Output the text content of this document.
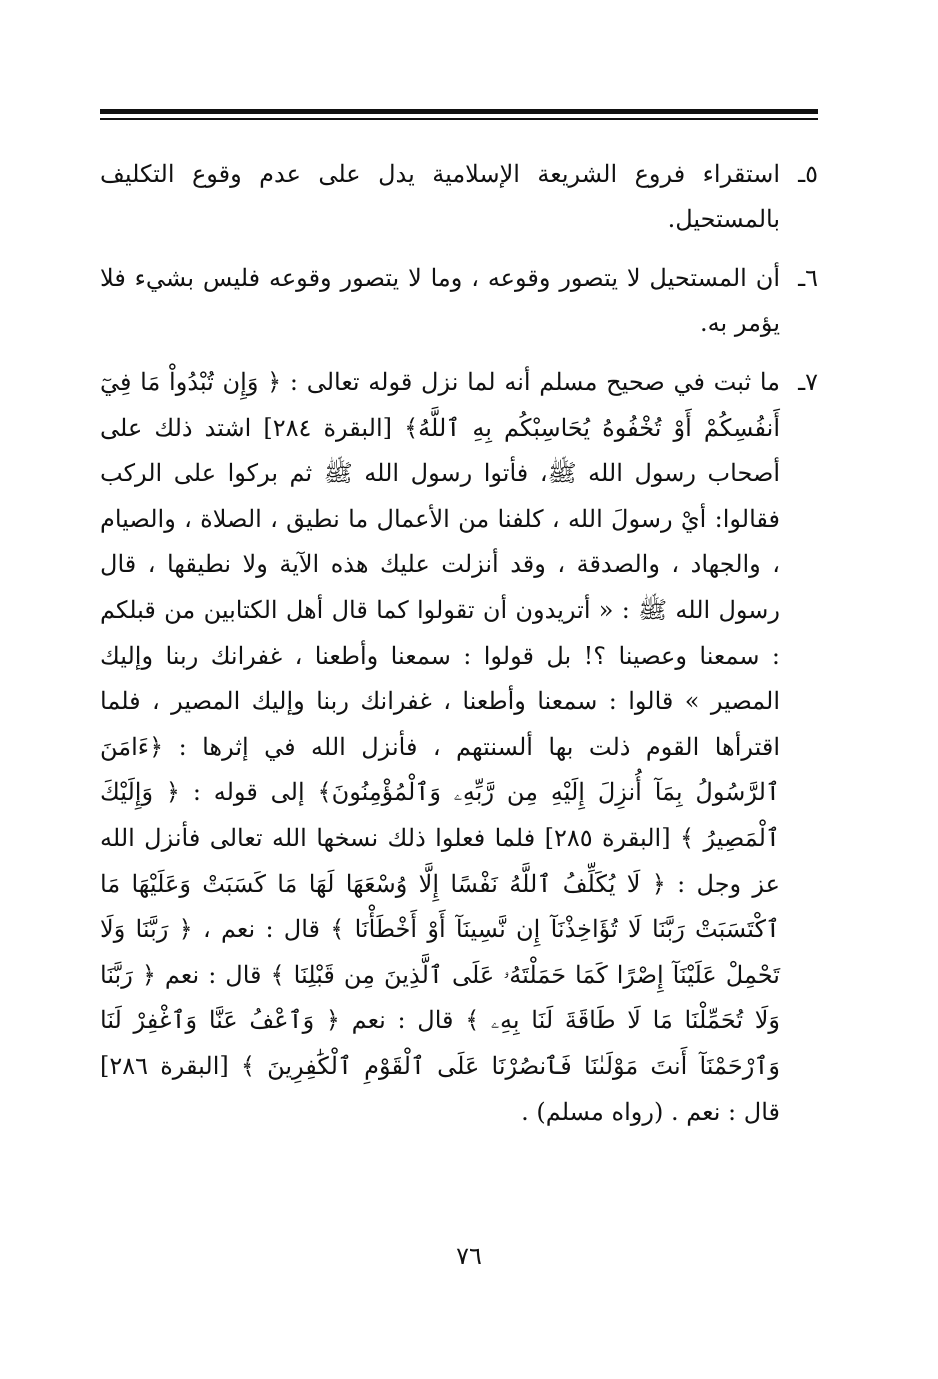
٥ـ
استقراء فروع الشريعة الإسلامية يدل على عدم وقوع التكليف بالمستحيل.
٦ـ
أن المستحيل لا يتصور وقوعه ، وما لا يتصور وقوعه فليس بشيء فلا يؤمر به.
٧ـ
ما ثبت في صحيح مسلم أنه لما نزل قوله تعالى : ﴿ وَإِن تُبْدُواْ مَا فِيٓ أَنفُسِكُمْ أَوْ تُخْفُوهُ يُحَاسِبْكُم بِهِ ٱللَّهُ﴾ [البقرة ٢٨٤] اشتد ذلك على أصحاب رسول الله ﷺ، فأتوا رسول الله ﷺ ثم بركوا على الركب فقالوا: أيْ رسولَ الله ، كلفنا من الأعمال ما نطيق ، الصلاة ، والصيام ، والجهاد ، والصدقة ، وقد أنزلت عليك هذه الآية ولا نطيقها ، قال رسول الله ﷺ : « أتريدون أن تقولوا كما قال أهل الكتابين من قبلكم : سمعنا وعصينا ؟! بل قولوا : سمعنا وأطعنا ، غفرانك ربنا وإليك المصير » قالوا : سمعنا وأطعنا ، غفرانك ربنا وإليك المصير ، فلما اقترأها القوم ذلت بها ألسنتهم ، فأنزل الله في إثرها : ﴿ءَامَنَ ٱلرَّسُولُ بِمَآ أُنزِلَ إِلَيْهِ مِن رَّبِّهِۦ وَٱلْمُؤْمِنُونَ﴾ إلى قوله : ﴿ وَإِلَيْكَ ٱلْمَصِيرُ ﴾ [البقرة ٢٨٥] فلما فعلوا ذلك نسخها الله تعالى فأنزل الله عز وجل : ﴿ لَا يُكَلِّفُ ٱللَّهُ نَفْسًا إِلَّا وُسْعَهَا لَهَا مَا كَسَبَتْ وَعَلَيْهَا مَا ٱكْتَسَبَتْ رَبَّنَا لَا تُؤَاخِذْنَآ إِن نَّسِينَآ أَوْ أَخْطَأْنَا ﴾ قال : نعم ، ﴿ رَبَّنَا وَلَا تَحْمِلْ عَلَيْنَآ إِصْرًا كَمَا حَمَلْتَهُۥ عَلَى ٱلَّذِينَ مِن قَبْلِنَا ﴾ قال : نعم ﴿ رَبَّنَا وَلَا تُحَمِّلْنَا مَا لَا طَاقَةَ لَنَا بِهِۦ ﴾ قال : نعم ﴿ وَٱعْفُ عَنَّا وَٱغْفِرْ لَنَا وَٱرْحَمْنَآ أَنتَ مَوْلَىٰنَا فَٱنصُرْنَا عَلَى ٱلْقَوْمِ ٱلْكَٰفِرِينَ ﴾ [البقرة ٢٨٦] قال : نعم . (رواه مسلم) .
٧٦
